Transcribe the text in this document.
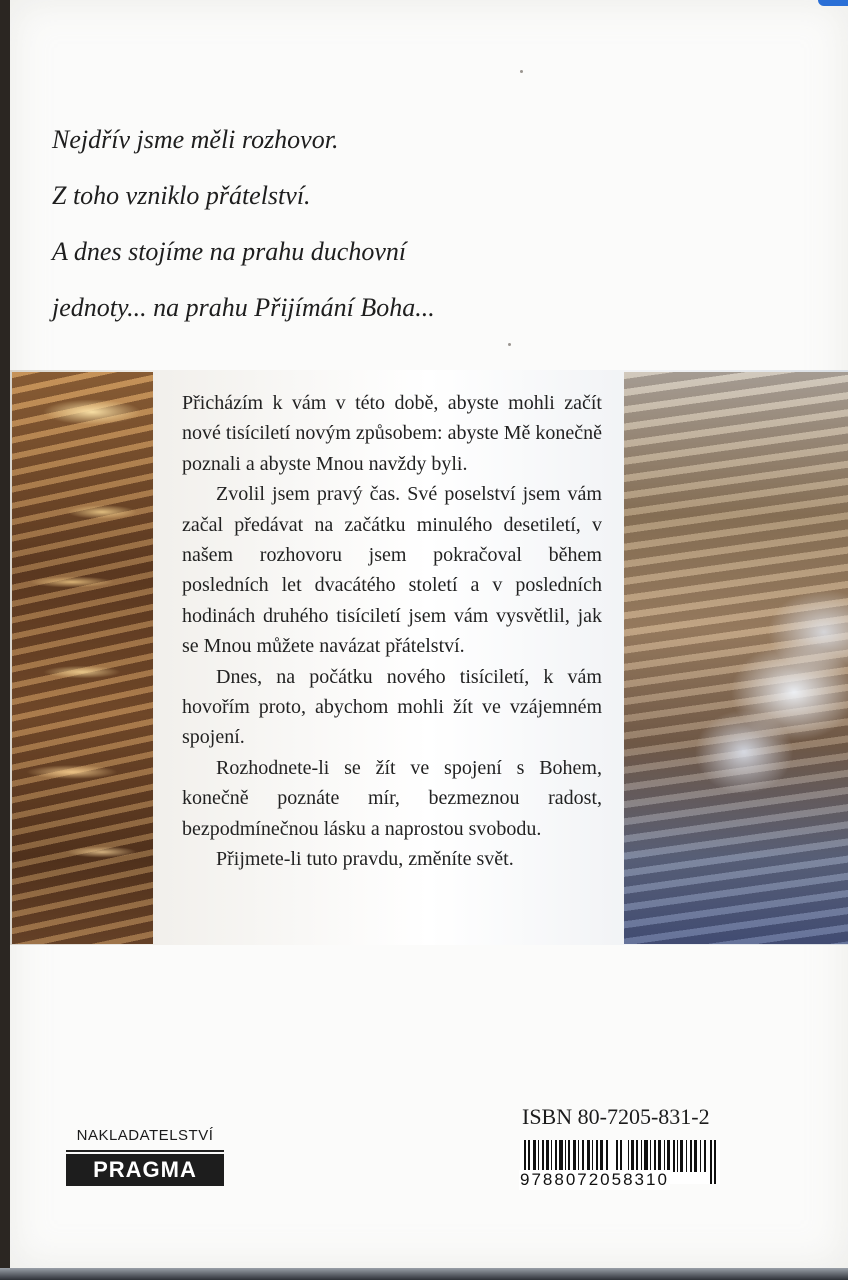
Nejdřív jsme měli rozhovor.
Z toho vzniklo přátelství.
A dnes stojíme na prahu duchovní
jednoty... na prahu Přijímání Boha...

Přicházím k vám v této době, abyste mohli začít nové tisíciletí novým způsobem: abyste Mě konečně poznali a abyste Mnou navždy byli.

Zvolil jsem pravý čas. Své poselství jsem vám začal předávat na začátku minulého desetiletí, v našem rozhovoru jsem pokračoval během posledních let dvacátého století a v posledních hodinách druhého tisíciletí jsem vám vysvětlil, jak se Mnou můžete navázat přátelství.

Dnes, na počátku nového tisíciletí, k vám hovořím proto, abychom mohli žít ve vzájemném spojení.

Rozhodnete-li se žít ve spojení s Bohem, konečně poznáte mír, bezmeznou radost, bezpodmínečnou lásku a naprostou svobodu.

Přijmete-li tuto pravdu, změníte svět.

NAKLADATELSTVÍ
PRAGMA
ISBN 80-7205-831-2
9788072058310
